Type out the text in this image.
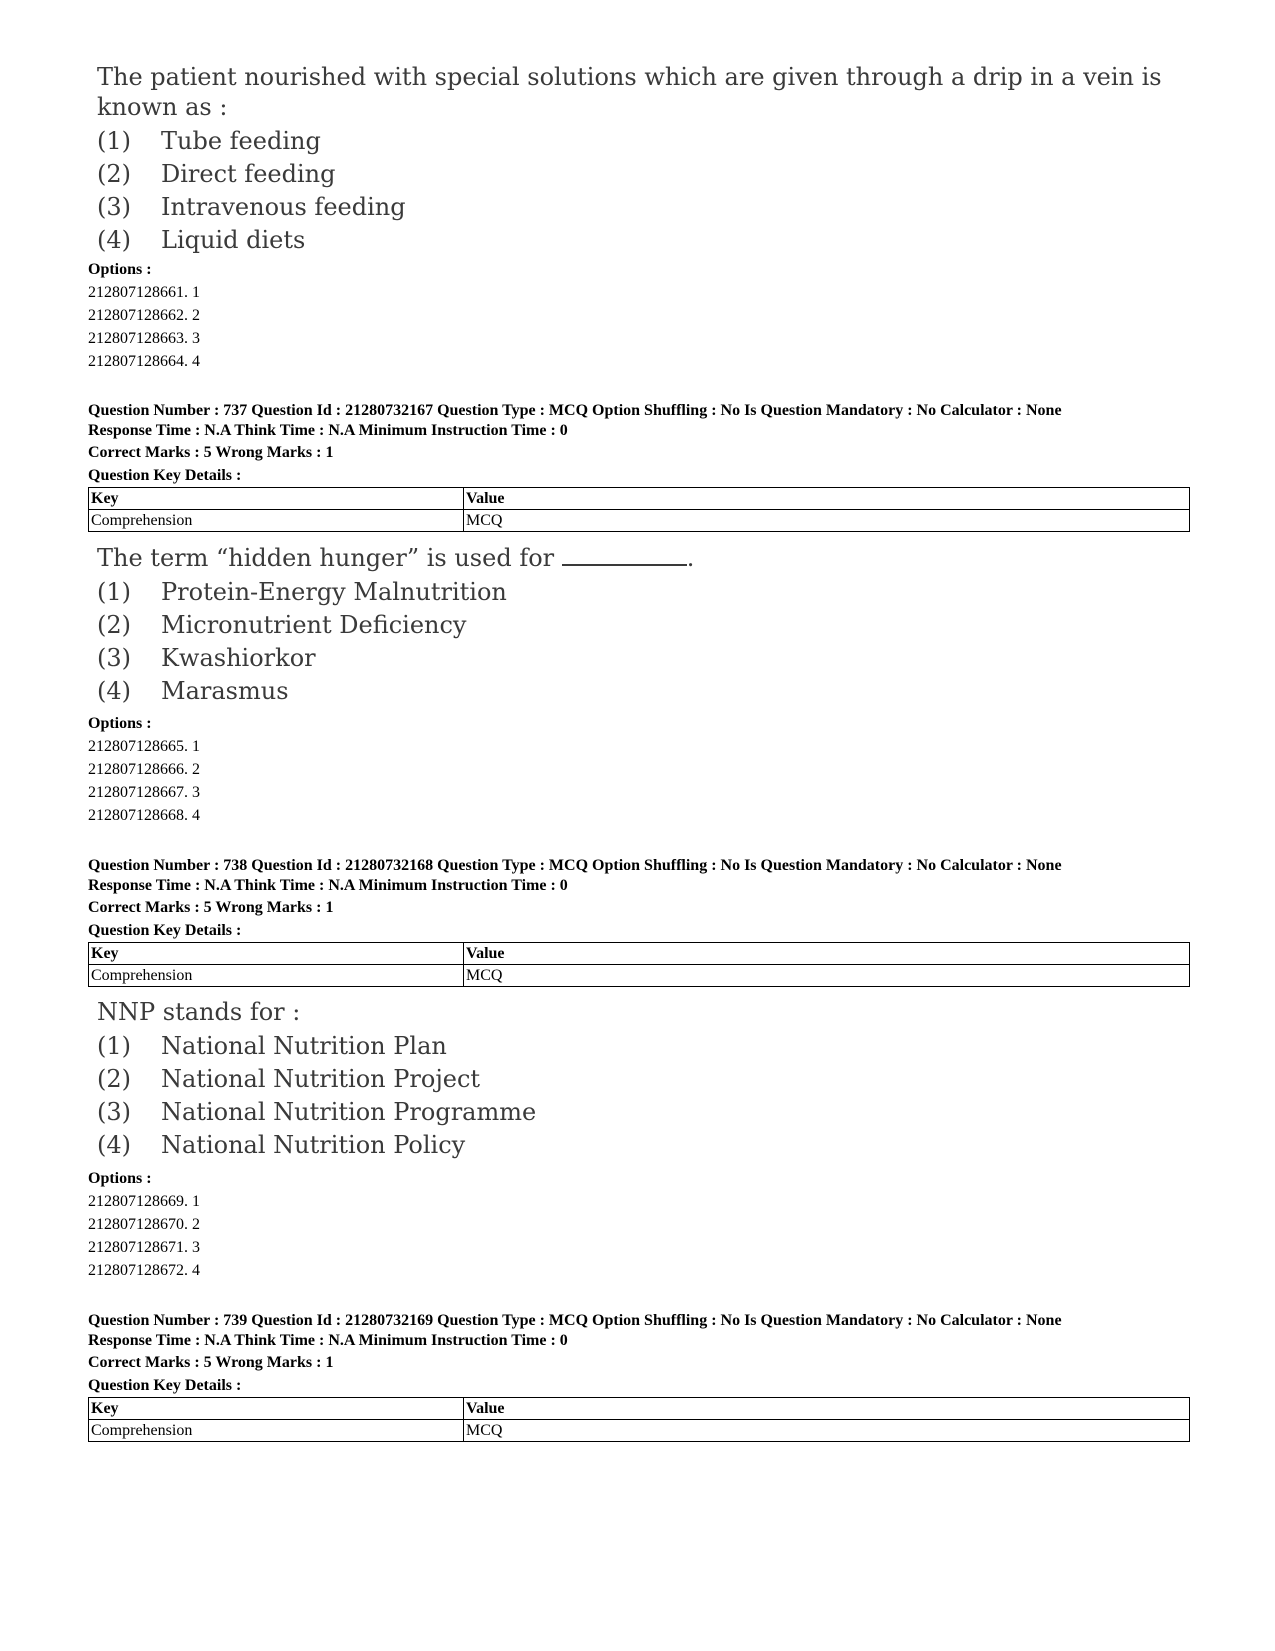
The patient nourished with special solutions which are given through a drip in a vein is known as :
(1)	Tube feeding
(2)	Direct feeding
(3)	Intravenous feeding
(4)	Liquid diets
Options :
212807128661. 1
212807128662. 2
212807128663. 3
212807128664. 4
Question Number : 737 Question Id : 21280732167 Question Type : MCQ Option Shuffling : No Is Question Mandatory : No Calculator : None
Response Time : N.A Think Time : N.A Minimum Instruction Time : 0
Correct Marks : 5 Wrong Marks : 1
Question Key Details :
Key	Value
Comprehension	MCQ
The term “hidden hunger” is used for	.
(1)	Protein-Energy Malnutrition
(2)	Micronutrient Deficiency
(3)	Kwashiorkor
(4)	Marasmus
Options :
212807128665. 1
212807128666. 2
212807128667. 3
212807128668. 4
Question Number : 738 Question Id : 21280732168 Question Type : MCQ Option Shuffling : No Is Question Mandatory : No Calculator : None
Response Time : N.A Think Time : N.A Minimum Instruction Time : 0
Correct Marks : 5 Wrong Marks : 1
Question Key Details :
Key	Value
Comprehension	MCQ
NNP stands for :
(1)	National Nutrition Plan
(2)	National Nutrition Project
(3)	National Nutrition Programme
(4)	National Nutrition Policy
Options :
212807128669. 1
212807128670. 2
212807128671. 3
212807128672. 4
Question Number : 739 Question Id : 21280732169 Question Type : MCQ Option Shuffling : No Is Question Mandatory : No Calculator : None
Response Time : N.A Think Time : N.A Minimum Instruction Time : 0
Correct Marks : 5 Wrong Marks : 1
Question Key Details :
Key	Value
Comprehension	MCQ
